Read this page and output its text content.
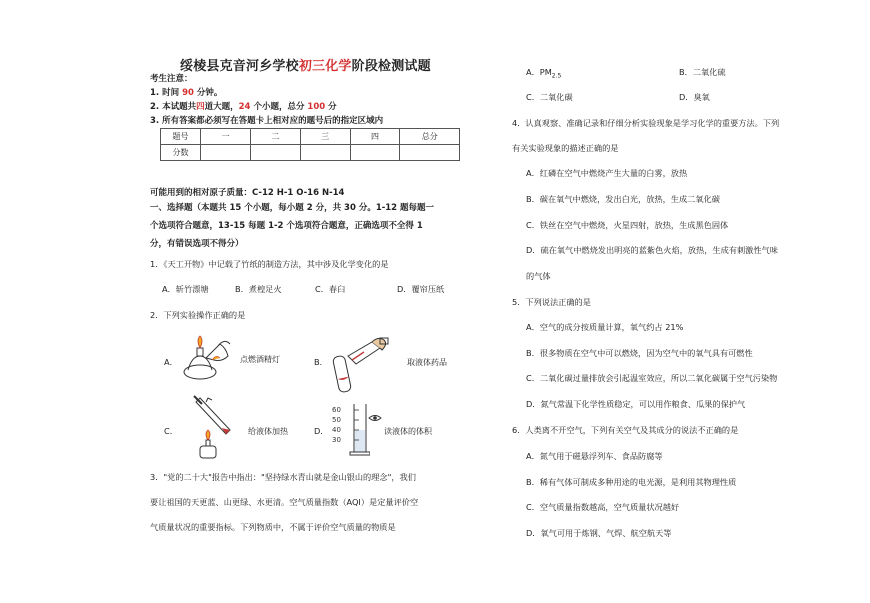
绥棱县克音河乡学校初三化学阶段检测试题
考生注意：
1. 时间 90 分钟。
2. 本试题共四道大题，24 个小题，总分 100 分
3. 所有答案都必须写在答题卡上相对应的题号后的指定区域内
题号	一	二	三	四	总分
分数					
可能用到的相对原子质量：C-12 H-1 O-16 N-14
一、选择题（本题共 15 个小题，每小题 2 分，共 30 分。1-12 题每题一
个选项符合题意，13-15 每题 1-2 个选项符合题意，正确选项不全得 1
分，有错误选项不得分）
1．《天工开物》中记载了竹纸的制造方法，其中涉及化学变化的是
A．斩竹漂塘	B．煮楻足火	C．春臼	D．覆帘压纸
2．下列实验操作正确的是
A．	点燃酒精灯	B．	取液体药品
C．	给液体加热	D．
60
50
40
30
读液体的体积
3．"党的二十大"报告中指出："坚持绿水青山就是金山银山的理念"，我们
要让祖国的天更蓝、山更绿、水更清。空气质量指数（AQI）是定量评价空
气质量状况的重要指标。下列物质中，不属于评价空气质量的物质是
A．$PM_{2.5}$	B．二氧化硫
C．二氧化碳	D．臭氧
4．认真观察、准确记录和仔细分析实验现象是学习化学的重要方法。下列
有关实验现象的描述正确的是
A．红磷在空气中燃烧产生大量的白雾，放热
B．碳在氧气中燃烧，发出白光，放热，生成二氧化碳
C．铁丝在空气中燃烧，火星四射，放热，生成黑色固体
D．硫在氧气中燃烧发出明亮的蓝紫色火焰，放热，生成有刺激性气味
的气体
5．下列说法正确的是
A．空气的成分按质量计算，氧气约占 21%
B．很多物质在空气中可以燃烧，因为空气中的氧气具有可燃性
C．二氧化碳过量排放会引起温室效应，所以二氧化碳属于空气污染物
D．氮气常温下化学性质稳定，可以用作粮食、瓜果的保护气
6．人类离不开空气，下列有关空气及其成分的说法不正确的是
A．氮气用于磁悬浮列车、食品防腐等
B．稀有气体可制成多种用途的电光源，是利用其物理性质
C．空气质量指数越高，空气质量状况越好
D．氧气可用于炼钢、气焊、航空航天等
